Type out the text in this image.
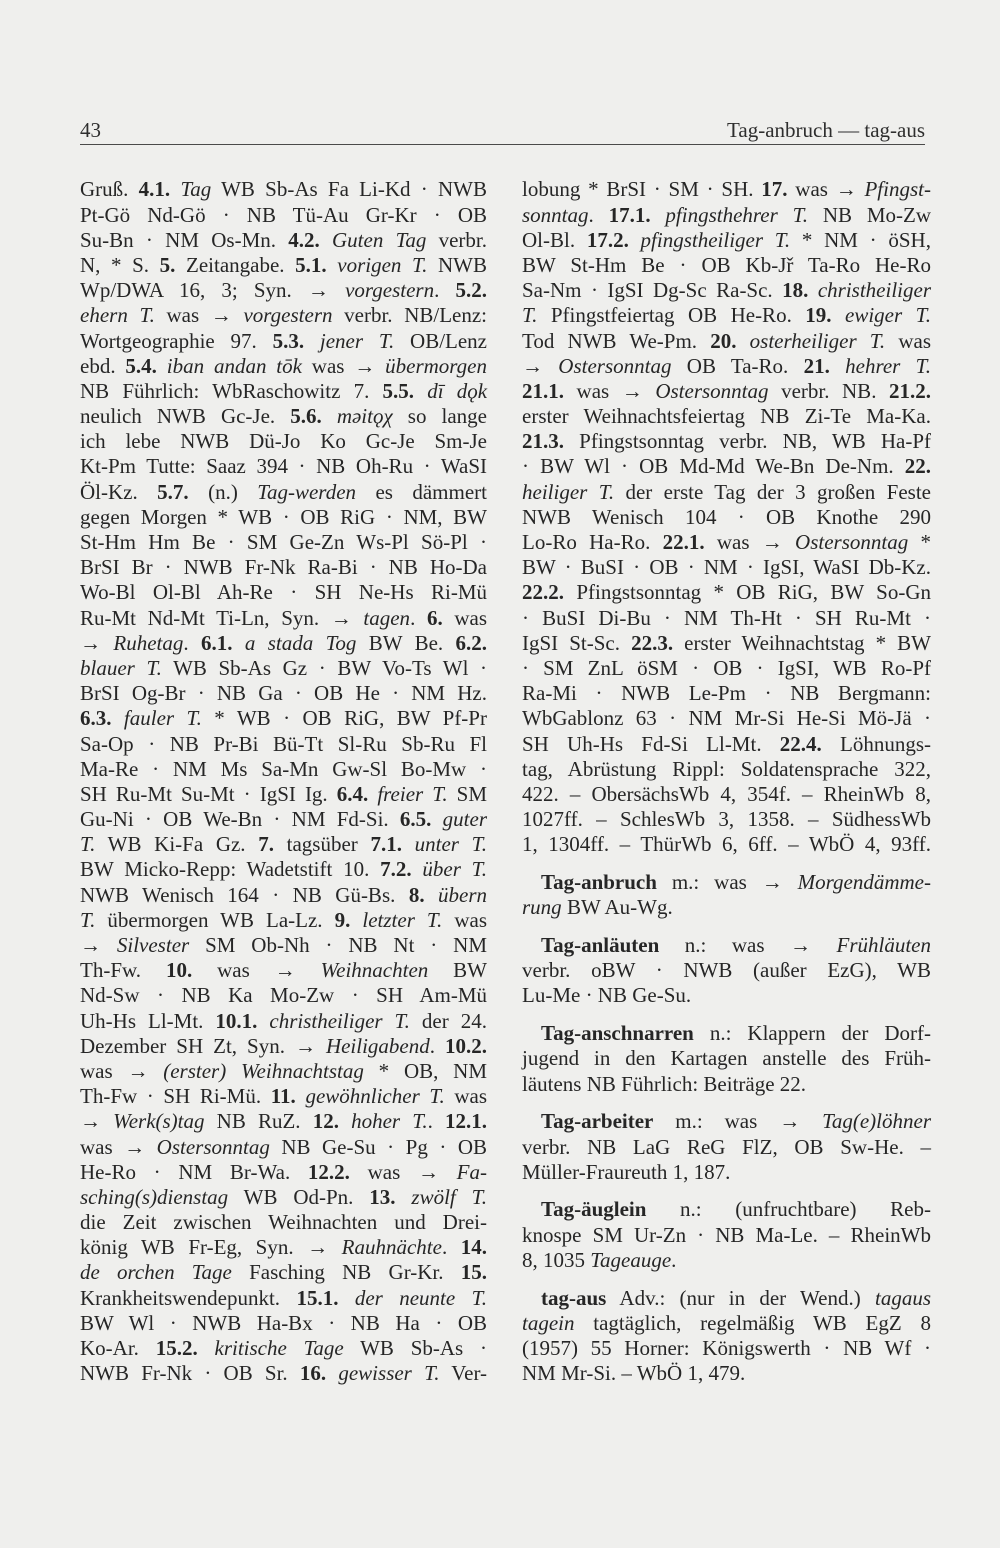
43	Tag-anbruch — tag-aus
Gruß. 4.1. Tag WB Sb-As Fa Li-Kd · NWB
Pt-Gö Nd-Gö · NB Tü-Au Gr-Kr · OB
Su-Bn · NM Os-Mn. 4.2. Guten Tag verbr.
N, * S. 5. Zeitangabe. 5.1. vorigen T. NWB
Wp/DWA 16, 3; Syn. → vorgestern. 5.2.
ehern T. was → vorgestern verbr. NB/Lenz:
Wortgeographie 97. 5.3. jener T. OB/Lenz
ebd. 5.4. iban andan tōk was → übermorgen
NB Führlich: WbRaschowitz 7. 5.5. dī dǫk
neulich NWB Gc-Je. 5.6. mǝitǫχ so lange
ich lebe NWB Dü-Jo Ko Gc-Je Sm-Je
Kt-Pm Tutte: Saaz 394 · NB Oh-Ru · WaSI
Öl-Kz. 5.7. (n.) Tag-werden es dämmert
gegen Morgen * WB · OB RiG · NM, BW
St-Hm Hm Be · SM Ge-Zn Ws-Pl Sö-Pl ·
BrSI Br · NWB Fr-Nk Ra-Bi · NB Ho-Da
Wo-Bl Ol-Bl Ah-Re · SH Ne-Hs Ri-Mü
Ru-Mt Nd-Mt Ti-Ln, Syn. → tagen. 6. was
→ Ruhetag. 6.1. a stada Tog BW Be. 6.2.
blauer T. WB Sb-As Gz · BW Vo-Ts Wl ·
BrSI Og-Br · NB Ga · OB He · NM Hz.
6.3. fauler T. * WB · OB RiG, BW Pf-Pr
Sa-Op · NB Pr-Bi Bü-Tt Sl-Ru Sb-Ru Fl
Ma-Re · NM Ms Sa-Mn Gw-Sl Bo-Mw ·
SH Ru-Mt Su-Mt · IgSI Ig. 6.4. freier T. SM
Gu-Ni · OB We-Bn · NM Fd-Si. 6.5. guter
T. WB Ki-Fa Gz. 7. tagsüber 7.1. unter T.
BW Micko-Repp: Wadetstift 10. 7.2. über T.
NWB Wenisch 164 · NB Gü-Bs. 8. übern
T. übermorgen WB La-Lz. 9. letzter T. was
→ Silvester SM Ob-Nh · NB Nt · NM
Th-Fw. 10. was → Weihnachten BW
Nd-Sw · NB Ka Mo-Zw · SH Am-Mü
Uh-Hs Ll-Mt. 10.1. christheiliger T. der 24.
Dezember SH Zt, Syn. → Heiligabend. 10.2.
was → (erster) Weihnachtstag * OB, NM
Th-Fw · SH Ri-Mü. 11. gewöhnlicher T. was
→ Werk(s)tag NB RuZ. 12. hoher T.. 12.1.
was → Ostersonntag NB Ge-Su · Pg · OB
He-Ro · NM Br-Wa. 12.2. was → Fa-
sching(s)dienstag WB Od-Pn. 13. zwölf T.
die Zeit zwischen Weihnachten und Drei-
könig WB Fr-Eg, Syn. → Rauhnächte. 14.
de orchen Tage Fasching NB Gr-Kr. 15.
Krankheitswendepunkt. 15.1. der neunte T.
BW Wl · NWB Ha-Bx · NB Ha · OB
Ko-Ar. 15.2. kritische Tage WB Sb-As ·
NWB Fr-Nk · OB Sr. 16. gewisser T. Ver-
lobung * BrSI · SM · SH. 17. was → Pfingst-
sonntag. 17.1. pfingsthehrer T. NB Mo-Zw
Ol-Bl. 17.2. pfingstheiliger T. * NM · öSH,
BW St-Hm Be · OB Kb-Jř Ta-Ro He-Ro
Sa-Nm · IgSI Dg-Sc Ra-Sc. 18. christheiliger
T. Pfingstfeiertag OB He-Ro. 19. ewiger T.
Tod NWB We-Pm. 20. osterheiliger T. was
→ Ostersonntag OB Ta-Ro. 21. hehrer T.
21.1. was → Ostersonntag verbr. NB. 21.2.
erster Weihnachtsfeiertag NB Zi-Te Ma-Ka.
21.3. Pfingstsonntag verbr. NB, WB Ha-Pf
· BW Wl · OB Md-Md We-Bn De-Nm. 22.
heiliger T. der erste Tag der 3 großen Feste
NWB Wenisch 104 · OB Knothe 290
Lo-Ro Ha-Ro. 22.1. was → Ostersonntag *
BW · BuSI · OB · NM · IgSI, WaSI Db-Kz.
22.2. Pfingstsonntag * OB RiG, BW So-Gn
· BuSI Di-Bu · NM Th-Ht · SH Ru-Mt ·
IgSI St-Sc. 22.3. erster Weihnachtstag * BW
· SM ZnL öSM · OB · IgSI, WB Ro-Pf
Ra-Mi · NWB Le-Pm · NB Bergmann:
WbGablonz 63 · NM Mr-Si He-Si Mö-Jä ·
SH Uh-Hs Fd-Si Ll-Mt. 22.4. Löhnungs-
tag, Abrüstung Rippl: Soldatensprache 322,
422. – ObersächsWb 4, 354f. – RheinWb 8,
1027ff. – SchlesWb 3, 1358. – SüdhessWb
1, 1304ff. – ThürWb 6, 6ff. – WbÖ 4, 93ff.
Tag-anbruch m.: was → Morgendämme-
rung BW Au-Wg.
Tag-anläuten n.: was → Frühläuten
verbr. oBW · NWB (außer EzG), WB
Lu-Me · NB Ge-Su.
Tag-anschnarren n.: Klappern der Dorf-
jugend in den Kartagen anstelle des Früh-
läutens NB Führlich: Beiträge 22.
Tag-arbeiter m.: was → Tag(e)löhner
verbr. NB LaG ReG FlZ, OB Sw-He. –
Müller-Fraureuth 1, 187.
Tag-äuglein n.: (unfruchtbare) Reb-
knospe SM Ur-Zn · NB Ma-Le. – RheinWb
8, 1035 Tageauge.
tag-aus Adv.: (nur in der Wend.) tagaus
tagein tagtäglich, regelmäßig WB EgZ 8
(1957) 55 Horner: Königswerth · NB Wf ·
NM Mr-Si. – WbÖ 1, 479.
